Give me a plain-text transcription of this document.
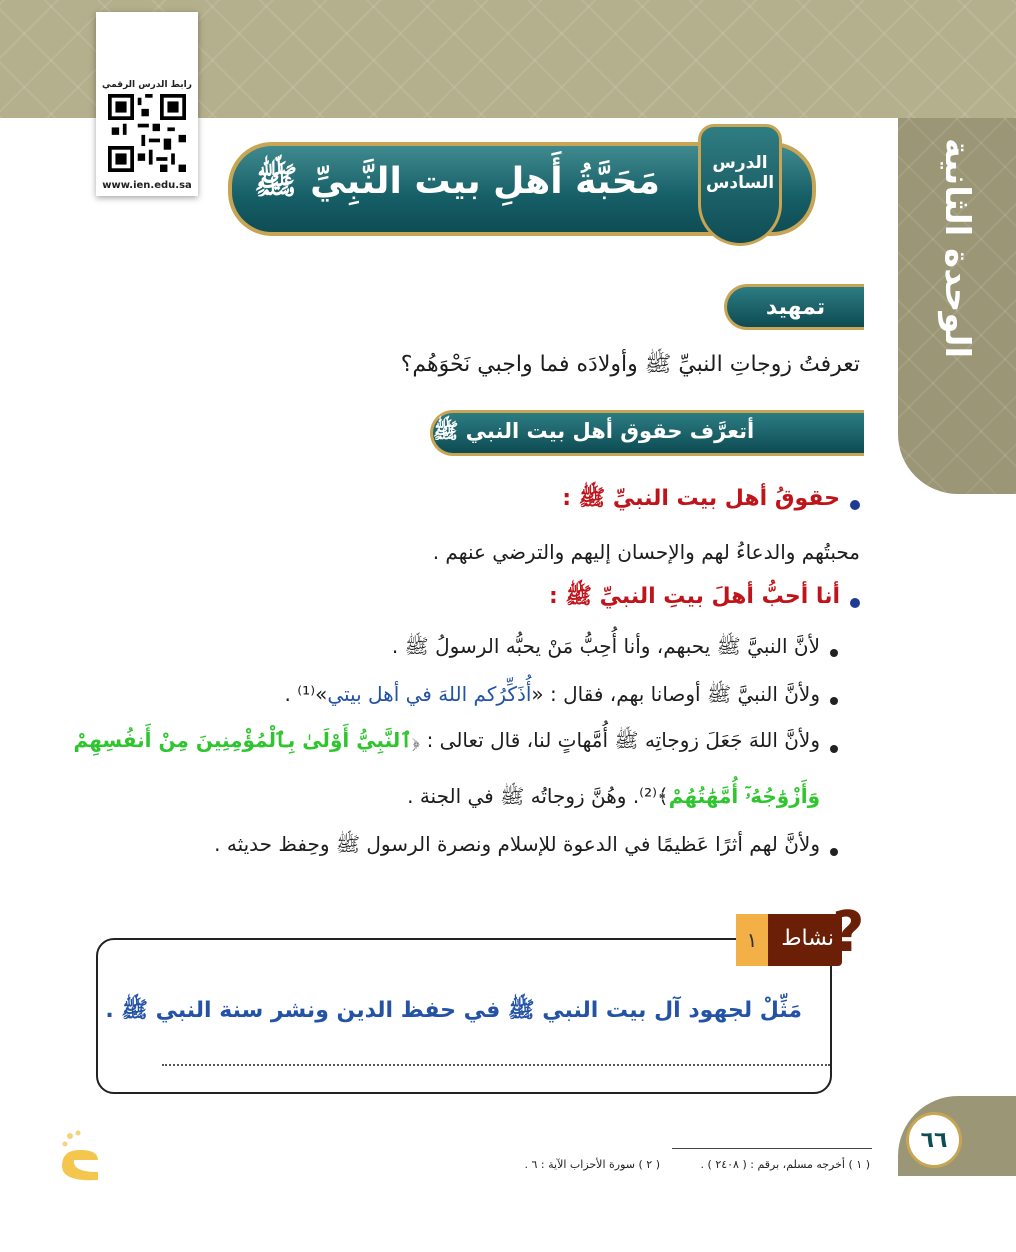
الوحدة الثانية
رابط الدرس الرقمي
www.ien.edu.sa	مَحَبَّةُ أَهلِ بيت النَّبِيِّ ﷺ	الدرس
السادس
تمهيد
تعرفتُ زوجاتِ النبيِّ ﷺ وأولادَه فما واجبي نَحْوَهُم؟
أتعرَّف حقوق أهل بيت النبي ﷺ
حقوقُ أهل بيت النبيِّ ﷺ :
محبتُهم والدعاءُ لهم والإحسان إليهم والترضي عنهم .
أنا أحبُّ أهلَ بيتِ النبيِّ ﷺ :
لأنَّ النبيَّ ﷺ يحبهم، وأنا أُحِبُّ مَنْ يحبُّه الرسولُ ﷺ .
ولأنَّ النبيَّ ﷺ أوصانا بهم، فقال : «أُذَكِّرُكم اللهَ في أهل بيتي»⁽¹⁾ .
ولأنَّ اللهَ جَعَلَ زوجاتِه ﷺ أُمَّهاتٍ لنا، قال تعالى : ﴿ٱلنَّبِيُّ أَوْلَىٰ بِٱلْمُؤْمِنِينَ مِنْ أَنفُسِهِمْ
وَأَزْوَٰجُهُۥٓ أُمَّهَٰتُهُمْ﴾⁽²⁾. وهُنَّ زوجاتُه ﷺ في الجنة .
ولأنَّ لهم أثرًا عَظيمًا في الدعوة للإسلام ونصرة الرسول ﷺ وحِفظ حديثه .
١	نشاط
?
مَثِّلْ لجهود آل بيت النبي ﷺ في حفظ الدين ونشر سنة النبي ﷺ .
( ١ ) أخرجه مسلم، برقم : ( ٢٤٠٨ ) .
( ٢ ) سورة الأحزاب الآية : ٦ .
٦٦
